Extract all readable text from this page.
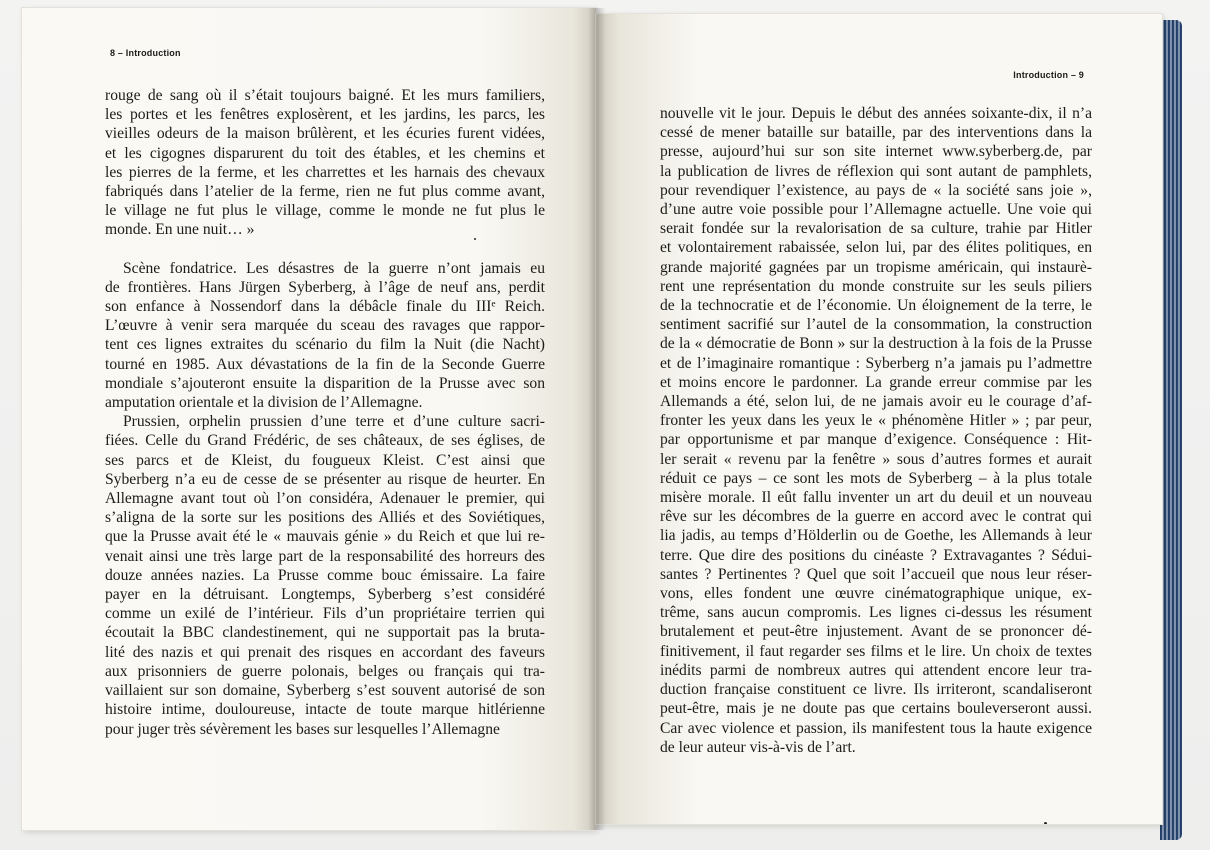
8 – Introduction
rouge de sang où il s’était toujours baigné. Et les murs familiers,
les portes et les fenêtres explosèrent, et les jardins, les parcs, les
vieilles odeurs de la maison brûlèrent, et les écuries furent vidées,
et les cigognes disparurent du toit des étables, et les chemins et
les pierres de la ferme, et les charrettes et les harnais des chevaux
fabriqués dans l’atelier de la ferme, rien ne fut plus comme avant,
le village ne fut plus le village, comme le monde ne fut plus le
monde. En une nuit… »
Scène fondatrice. Les désastres de la guerre n’ont jamais eu
de frontières. Hans Jürgen Syberberg, à l’âge de neuf ans, perdit
son enfance à Nossendorf dans la débâcle finale du IIIᵉ Reich.
L’œuvre à venir sera marquée du sceau des ravages que rappor-
tent ces lignes extraites du scénario du film la Nuit (die Nacht)
tourné en 1985. Aux dévastations de la fin de la Seconde Guerre
mondiale s’ajouteront ensuite la disparition de la Prusse avec son
amputation orientale et la division de l’Allemagne.
Prussien, orphelin prussien d’une terre et d’une culture sacri-
fiées. Celle du Grand Frédéric, de ses châteaux, de ses églises, de
ses parcs et de Kleist, du fougueux Kleist. C’est ainsi que
Syberberg n’a eu de cesse de se présenter au risque de heurter. En
Allemagne avant tout où l’on considéra, Adenauer le premier, qui
s’aligna de la sorte sur les positions des Alliés et des Soviétiques,
que la Prusse avait été le « mauvais génie » du Reich et que lui re-
venait ainsi une très large part de la responsabilité des horreurs des
douze années nazies. La Prusse comme bouc émissaire. La faire
payer en la détruisant. Longtemps, Syberberg s’est considéré
comme un exilé de l’intérieur. Fils d’un propriétaire terrien qui
écoutait la BBC clandestinement, qui ne supportait pas la bruta-
lité des nazis et qui prenait des risques en accordant des faveurs
aux prisonniers de guerre polonais, belges ou français qui tra-
vaillaient sur son domaine, Syberberg s’est souvent autorisé de son
histoire intime, douloureuse, intacte de toute marque hitlérienne
pour juger très sévèrement les bases sur lesquelles l’Allemagne
Introduction – 9
nouvelle vit le jour. Depuis le début des années soixante-dix, il n’a
cessé de mener bataille sur bataille, par des interventions dans la
presse, aujourd’hui sur son site internet www.syberberg.de, par
la publication de livres de réflexion qui sont autant de pamphlets,
pour revendiquer l’existence, au pays de « la société sans joie »,
d’une autre voie possible pour l’Allemagne actuelle. Une voie qui
serait fondée sur la revalorisation de sa culture, trahie par Hitler
et volontairement rabaissée, selon lui, par des élites politiques, en
grande majorité gagnées par un tropisme américain, qui instaurè-
rent une représentation du monde construite sur les seuls piliers
de la technocratie et de l’économie. Un éloignement de la terre, le
sentiment sacrifié sur l’autel de la consommation, la construction
de la « démocratie de Bonn » sur la destruction à la fois de la Prusse
et de l’imaginaire romantique : Syberberg n’a jamais pu l’admettre
et moins encore le pardonner. La grande erreur commise par les
Allemands a été, selon lui, de ne jamais avoir eu le courage d’af-
fronter les yeux dans les yeux le « phénomène Hitler » ; par peur,
par opportunisme et par manque d’exigence. Conséquence : Hit-
ler serait « revenu par la fenêtre » sous d’autres formes et aurait
réduit ce pays – ce sont les mots de Syberberg – à la plus totale
misère morale. Il eût fallu inventer un art du deuil et un nouveau
rêve sur les décombres de la guerre en accord avec le contrat qui
lia jadis, au temps d’Hölderlin ou de Goethe, les Allemands à leur
terre. Que dire des positions du cinéaste ? Extravagantes ? Sédui-
santes ? Pertinentes ? Quel que soit l’accueil que nous leur réser-
vons, elles fondent une œuvre cinématographique unique, ex-
trême, sans aucun compromis. Les lignes ci-dessus les résument
brutalement et peut-être injustement. Avant de se prononcer dé-
finitivement, il faut regarder ses films et le lire. Un choix de textes
inédits parmi de nombreux autres qui attendent encore leur tra-
duction française constituent ce livre. Ils irriteront, scandaliseront
peut-être, mais je ne doute pas que certains bouleverseront aussi.
Car avec violence et passion, ils manifestent tous la haute exigence
de leur auteur vis-à-vis de l’art.
